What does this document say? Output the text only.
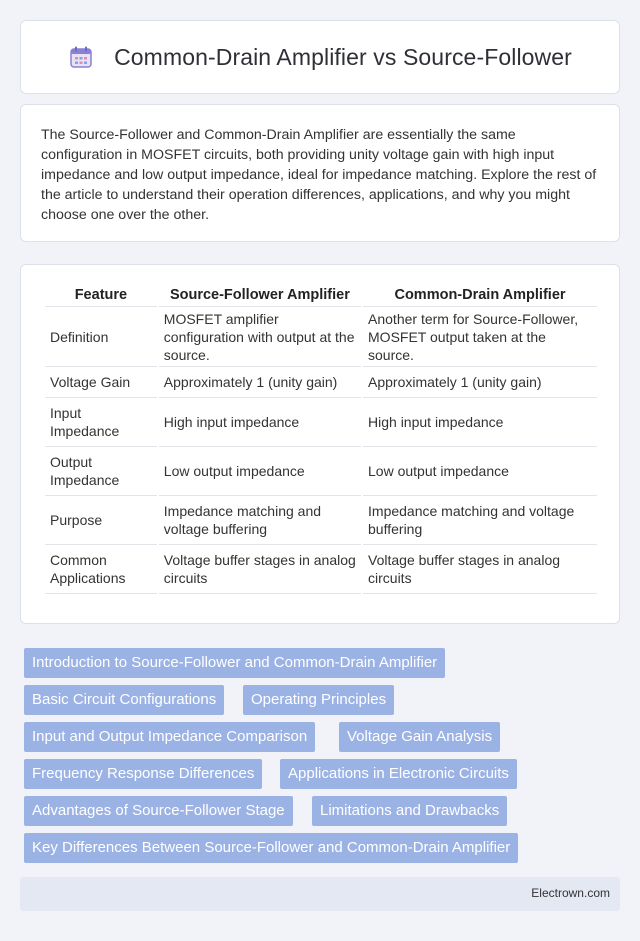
Common-Drain Amplifier vs Source-Follower

The Source-Follower and Common-Drain Amplifier are essentially the same configuration in MOSFET circuits, both providing unity voltage gain with high input impedance and low output impedance, ideal for impedance matching. Explore the rest of the article to understand their operation differences, applications, and why you might choose one over the other.

Feature	Source-Follower Amplifier	Common-Drain Amplifier
Definition	MOSFET amplifier configuration with output at the source.	Another term for Source-Follower, MOSFET output taken at the source.
Voltage Gain	Approximately 1 (unity gain)	Approximately 1 (unity gain)
Input Impedance	High input impedance	High input impedance
Output Impedance	Low output impedance	Low output impedance
Purpose	Impedance matching and voltage buffering	Impedance matching and voltage buffering
Common Applications	Voltage buffer stages in analog circuits	Voltage buffer stages in analog circuits
Introduction to Source-Follower and Common-Drain Amplifier
Basic Circuit Configurations	Operating Principles
Input and Output Impedance Comparison	Voltage Gain Analysis
Frequency Response Differences	Applications in Electronic Circuits
Advantages of Source-Follower Stage	Limitations and Drawbacks
Key Differences Between Source-Follower and Common-Drain Amplifier
Electrown.com
